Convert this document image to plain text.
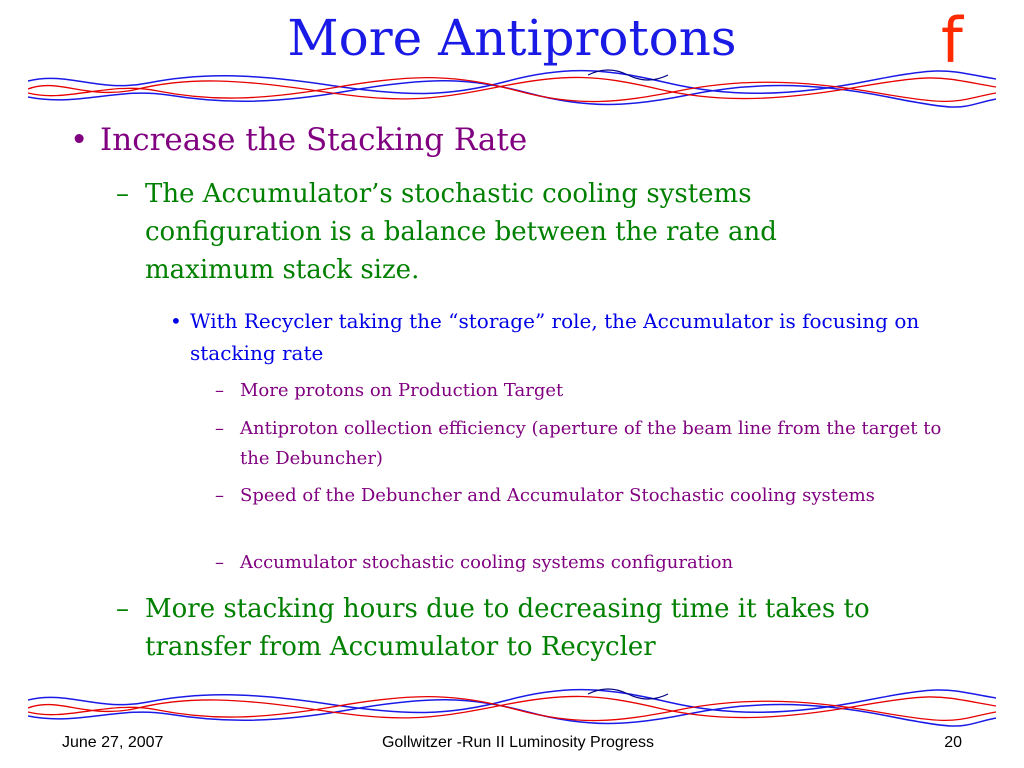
More Antiprotons	f
• Increase the Stacking Rate

– The Accumulator’s stochastic cooling systems configuration is a balance between the rate and maximum stack size.

• With Recycler taking the “storage” role, the Accumulator is focusing on stacking rate

– More protons on Production Target

– Antiproton collection efficiency (aperture of the beam line from the target to the Debuncher)

– Speed of the Debuncher and Accumulator Stochastic cooling systems

– Accumulator stochastic cooling systems configuration

– More stacking hours due to decreasing time it takes to transfer from Accumulator to Recycler

June 27, 2007	Gollwitzer -Run II Luminosity Progress	20
